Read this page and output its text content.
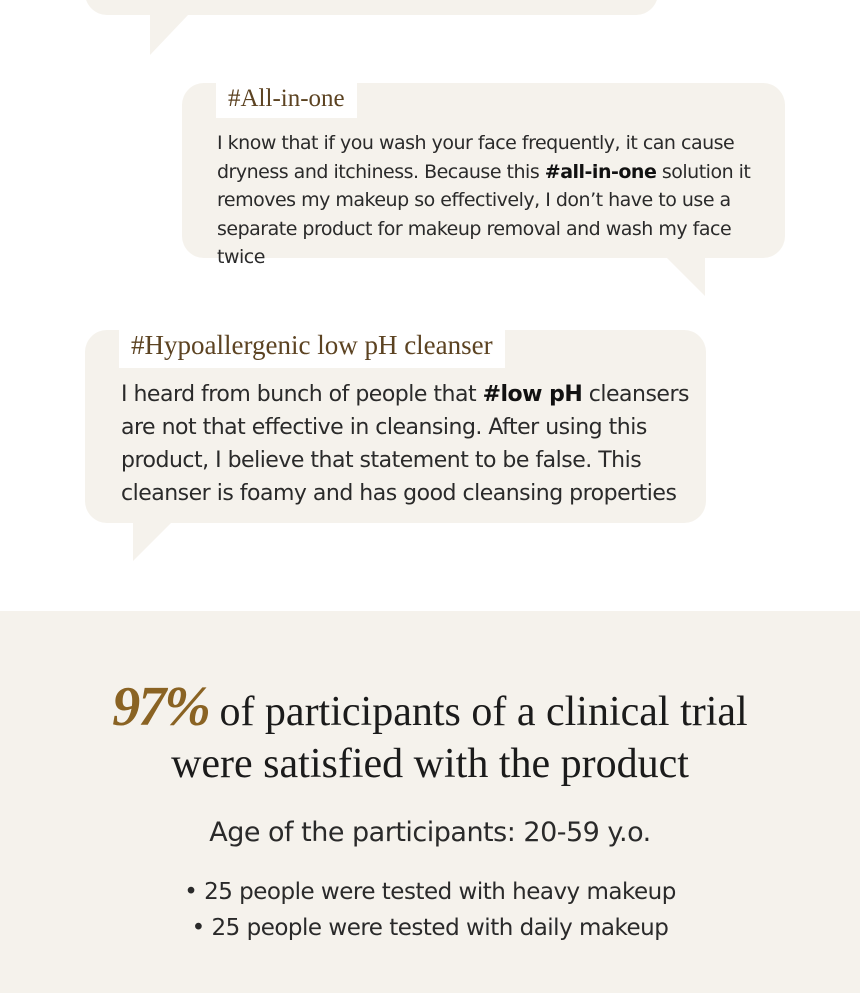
#All-in-one
I know that if you wash your face frequently, it can cause dryness and itchiness. Because this #all-in-one solution it removes my makeup so effectively, I don’t have to use a separate product for makeup removal and wash my face twice
#Hypoallergenic low pH cleanser
I heard from bunch of people that #low pH cleansers are not that effective in cleansing. After using this product, I believe that statement to be false. This cleanser is foamy and has good cleansing properties
97% of participants of a clinical trial
were satisfied with the product
Age of the participants: 20-59 y.o.
• 25 people were tested with heavy makeup
• 25 people were tested with daily makeup
